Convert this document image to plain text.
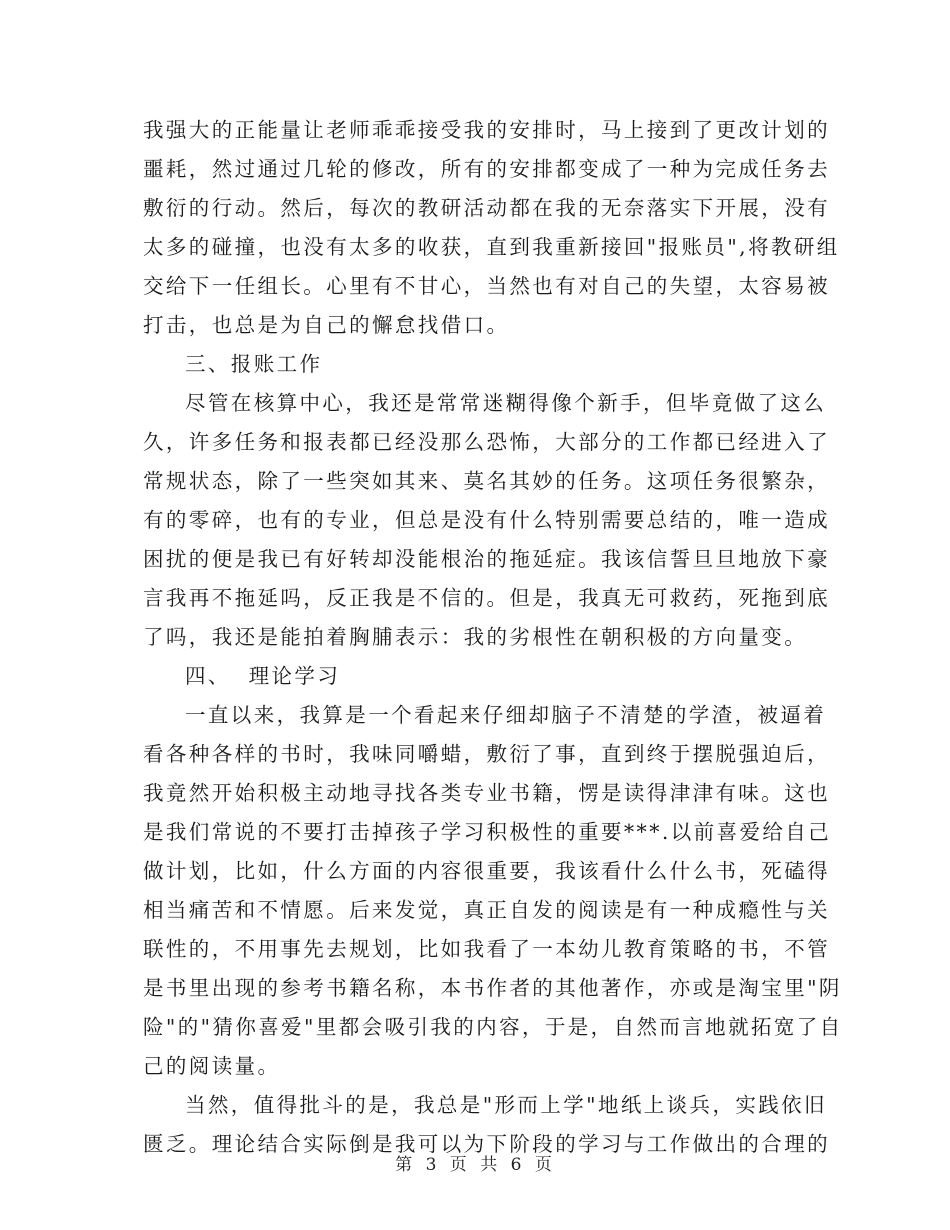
我强大的正能量让老师乖乖接受我的安排时，马上接到了更改计划的
噩耗，然过通过几轮的修改，所有的安排都变成了一种为完成任务去
敷衍的行动。然后，每次的教研活动都在我的无奈落实下开展，没有
太多的碰撞，也没有太多的收获，直到我重新接回"报账员",将教研组
交给下一任组长。心里有不甘心，当然也有对自己的失望，太容易被
打击，也总是为自己的懈怠找借口。
三、报账工作
尽管在核算中心，我还是常常迷糊得像个新手，但毕竟做了这么
久，许多任务和报表都已经没那么恐怖，大部分的工作都已经进入了
常规状态，除了一些突如其来、莫名其妙的任务。这项任务很繁杂，
有的零碎，也有的专业，但总是没有什么特别需要总结的，唯一造成
困扰的便是我已有好转却没能根治的拖延症。我该信誓旦旦地放下豪
言我再不拖延吗，反正我是不信的。但是，我真无可救药，死拖到底
了吗，我还是能拍着胸脯表示：我的劣根性在朝积极的方向量变。
四、  理论学习
一直以来，我算是一个看起来仔细却脑子不清楚的学渣，被逼着
看各种各样的书时，我味同嚼蜡，敷衍了事，直到终于摆脱强迫后，
我竟然开始积极主动地寻找各类专业书籍，愣是读得津津有味。这也
是我们常说的不要打击掉孩子学习积极性的重要***.以前喜爱给自己
做计划，比如，什么方面的内容很重要，我该看什么什么书，死磕得
相当痛苦和不情愿。后来发觉，真正自发的阅读是有一种成瘾性与关
联性的，不用事先去规划，比如我看了一本幼儿教育策略的书，不管
是书里出现的参考书籍名称，本书作者的其他著作，亦或是淘宝里"阴
险"的"猜你喜爱"里都会吸引我的内容，于是，自然而言地就拓宽了自
己的阅读量。
当然，值得批斗的是，我总是"形而上学"地纸上谈兵，实践依旧
匮乏。理论结合实际倒是我可以为下阶段的学习与工作做出的合理的
第 3 页 共 6 页
